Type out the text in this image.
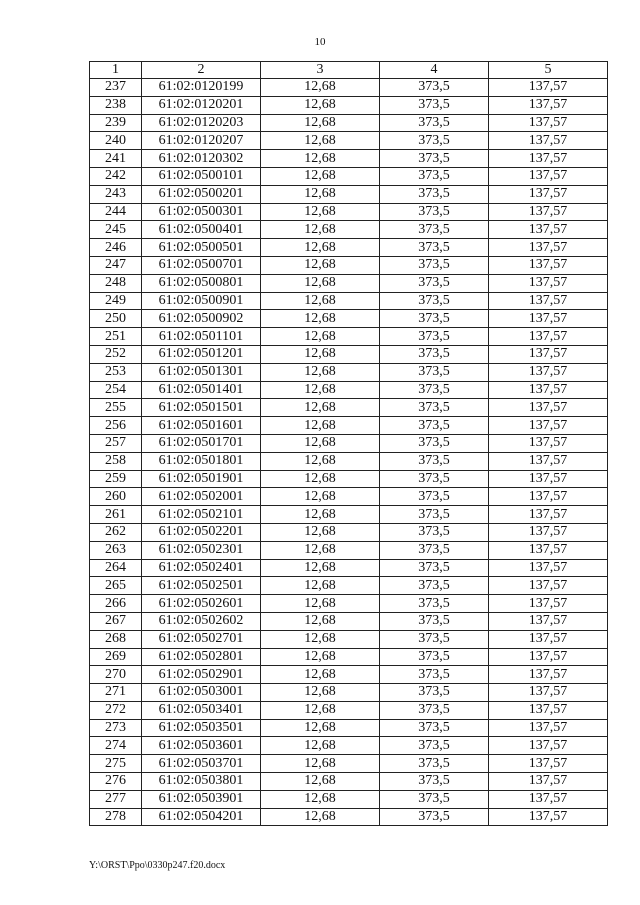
10
1	2	3	4	5
237	61:02:0120199	12,68	373,5	137,57
238	61:02:0120201	12,68	373,5	137,57
239	61:02:0120203	12,68	373,5	137,57
240	61:02:0120207	12,68	373,5	137,57
241	61:02:0120302	12,68	373,5	137,57
242	61:02:0500101	12,68	373,5	137,57
243	61:02:0500201	12,68	373,5	137,57
244	61:02:0500301	12,68	373,5	137,57
245	61:02:0500401	12,68	373,5	137,57
246	61:02:0500501	12,68	373,5	137,57
247	61:02:0500701	12,68	373,5	137,57
248	61:02:0500801	12,68	373,5	137,57
249	61:02:0500901	12,68	373,5	137,57
250	61:02:0500902	12,68	373,5	137,57
251	61:02:0501101	12,68	373,5	137,57
252	61:02:0501201	12,68	373,5	137,57
253	61:02:0501301	12,68	373,5	137,57
254	61:02:0501401	12,68	373,5	137,57
255	61:02:0501501	12,68	373,5	137,57
256	61:02:0501601	12,68	373,5	137,57
257	61:02:0501701	12,68	373,5	137,57
258	61:02:0501801	12,68	373,5	137,57
259	61:02:0501901	12,68	373,5	137,57
260	61:02:0502001	12,68	373,5	137,57
261	61:02:0502101	12,68	373,5	137,57
262	61:02:0502201	12,68	373,5	137,57
263	61:02:0502301	12,68	373,5	137,57
264	61:02:0502401	12,68	373,5	137,57
265	61:02:0502501	12,68	373,5	137,57
266	61:02:0502601	12,68	373,5	137,57
267	61:02:0502602	12,68	373,5	137,57
268	61:02:0502701	12,68	373,5	137,57
269	61:02:0502801	12,68	373,5	137,57
270	61:02:0502901	12,68	373,5	137,57
271	61:02:0503001	12,68	373,5	137,57
272	61:02:0503401	12,68	373,5	137,57
273	61:02:0503501	12,68	373,5	137,57
274	61:02:0503601	12,68	373,5	137,57
275	61:02:0503701	12,68	373,5	137,57
276	61:02:0503801	12,68	373,5	137,57
277	61:02:0503901	12,68	373,5	137,57
278	61:02:0504201	12,68	373,5	137,57
Y:\ORST\Ppo\0330p247.f20.docx
